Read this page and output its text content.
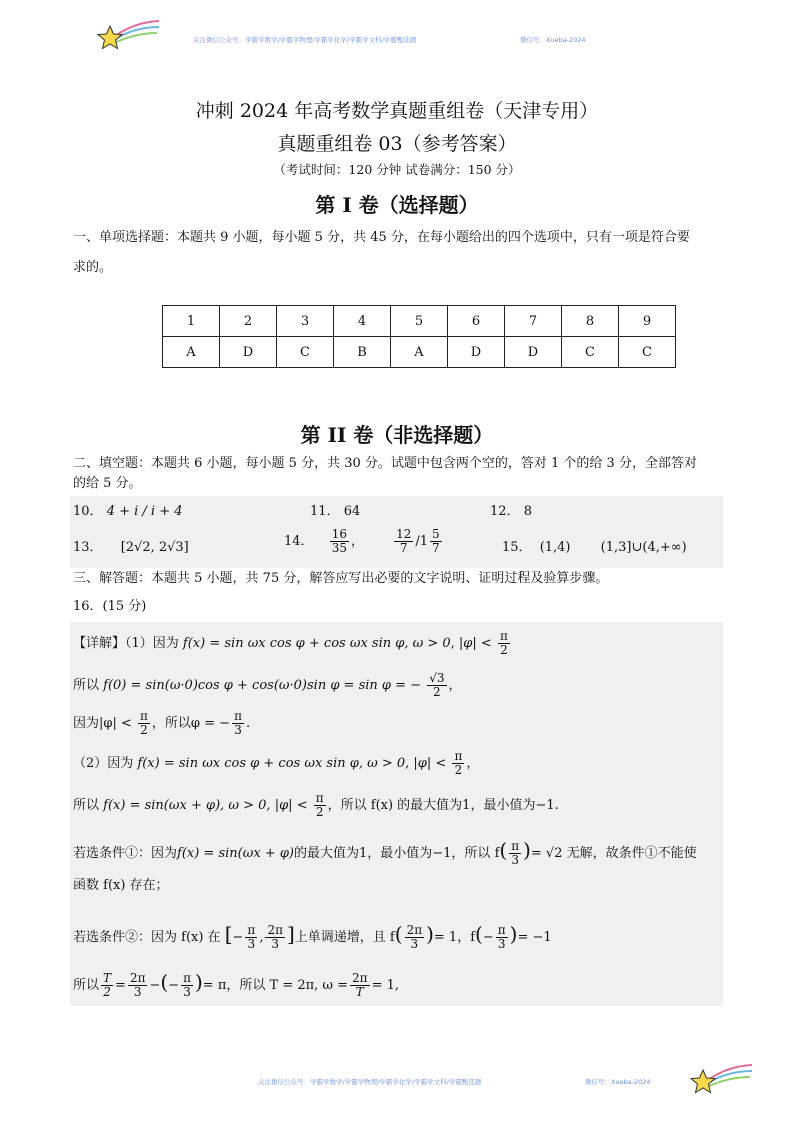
关注微信公众号：学霸学数学/学霸学物理/学霸学化学/学霸学文科/学霸甄选题	微信号：Xueba-2024
冲刺 2024 年高考数学真题重组卷（天津专用）
真题重组卷 03（参考答案）
（考试时间：120 分钟 试卷满分：150 分）
第 I 卷（选择题）
一、单项选择题：本题共 9 小题，每小题 5 分，共 45 分，在每小题给出的四个选项中，只有一项是符合要
求的。
1	2	3	4	5	6	7	8	9
A	D	C	B	A	D	D	C	C
第 II 卷（非选择题）
二、填空题：本题共 6 小题，每小题 5 分，共 30 分。试题中包含两个空的，答对 1 个的给 3 分，全部答对
的给 5 分。
10． 4 + i / i + 4	11． 64	12． 8
13． [2√2, 2√3]	14． $\frac{16}{35}$ ， $\frac{12}{7} /1 \frac{5}{7}$	15． (1,4) (1,3]∪(4,+∞)
三、解答题：本题共 5 小题，共 75 分，解答应写出必要的文字说明、证明过程及验算步骤。
16．(15 分)
【详解】（1）因为 f(x) = sin ωx cos φ + cos ωx sin φ, ω > 0, $|\varphi| < \frac{\pi}{2}$
所以 f(0) = sin(ω·0)cos φ + cos(ω·0)sin φ = sin φ = − $\frac{√3}{2}$ ，
因为$|\varphi| < \frac{\pi}{2}$ ，所以φ = − $\frac{\pi}{3}$ .
（2）因为 f(x) = sin ωx cos φ + cos ωx sin φ, ω > 0, $|\varphi| < \frac{\pi}{2}$ ，
所以 f(x) = sin(ωx + φ), ω > 0, $|\varphi| < \frac{\pi}{2}$ ，所以 f(x) 的最大值为1，最小值为−1.
若选条件①：因为f(x) = sin(ωx + φ)的最大值为1，最小值为−1，所以 $f( \frac{\pi}{3}$ )= √2 无解，故条件①不能使
函数 f(x) 存在；
若选条件②：因为 f(x) 在 [− $\frac{\pi}{3}$ , $\frac{2\pi}{3}$ ]上单调递增，且 $f( \frac{2\pi}{3}$ )= 1，$f(- \frac{\pi}{3}$ )= −1
所以 $\frac{T}{2} = \frac{2\pi}{3}$ −(− $\frac{\pi}{3}$ )= π，所以 T = 2π, $\omega = \frac{2\pi}{T} = 1$,
关注微信公众号：学霸学数学/学霸学物理/学霸学化学/学霸学文科/学霸甄选题	微信号：Xueba-2024
